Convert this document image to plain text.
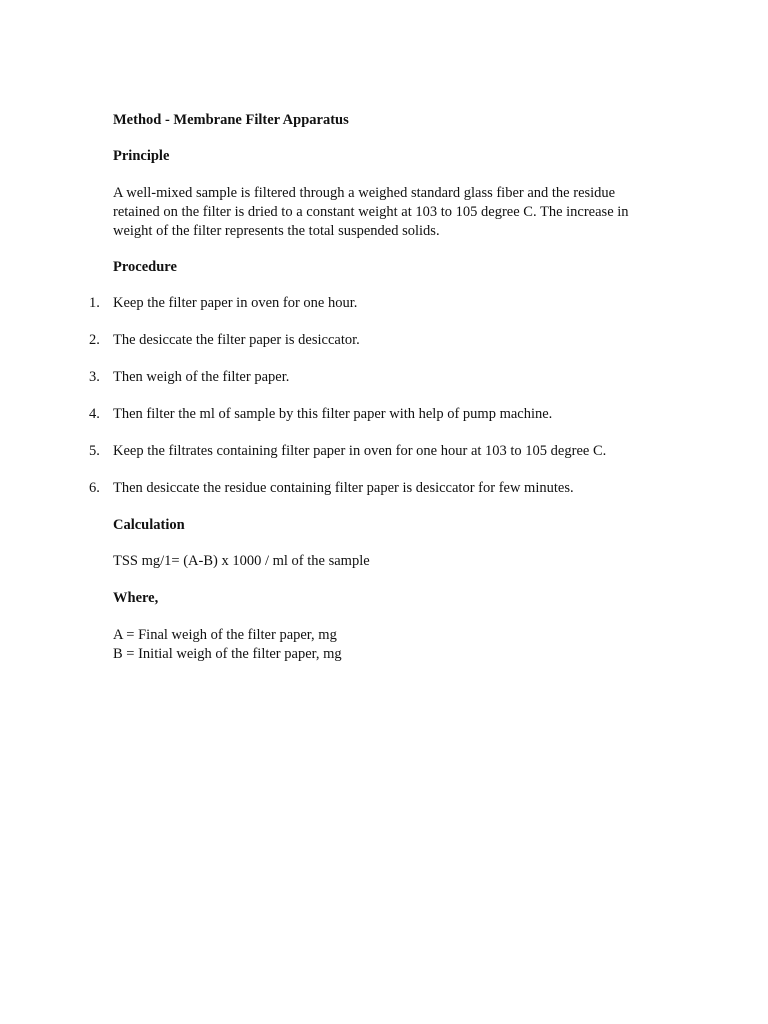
Method - Membrane Filter Apparatus
Principle
A well-mixed sample is filtered through a weighed standard glass fiber and the residue
retained on the filter is dried to a constant weight at 103 to 105 degree C. The increase in
weight of the filter represents the total suspended solids.
Procedure
1. Keep the filter paper in oven for one hour.
2. The desiccate the filter paper is desiccator.
3. Then weigh of the filter paper.
4. Then filter the ml of sample by this filter paper with help of pump machine.
5. Keep the filtrates containing filter paper in oven for one hour at 103 to 105 degree C.
6. Then desiccate the residue containing filter paper is desiccator for few minutes.
Calculation
TSS mg/1= (A-B) x 1000 / ml of the sample
Where,
A = Final weigh of the filter paper, mg
B = Initial weigh of the filter paper, mg
